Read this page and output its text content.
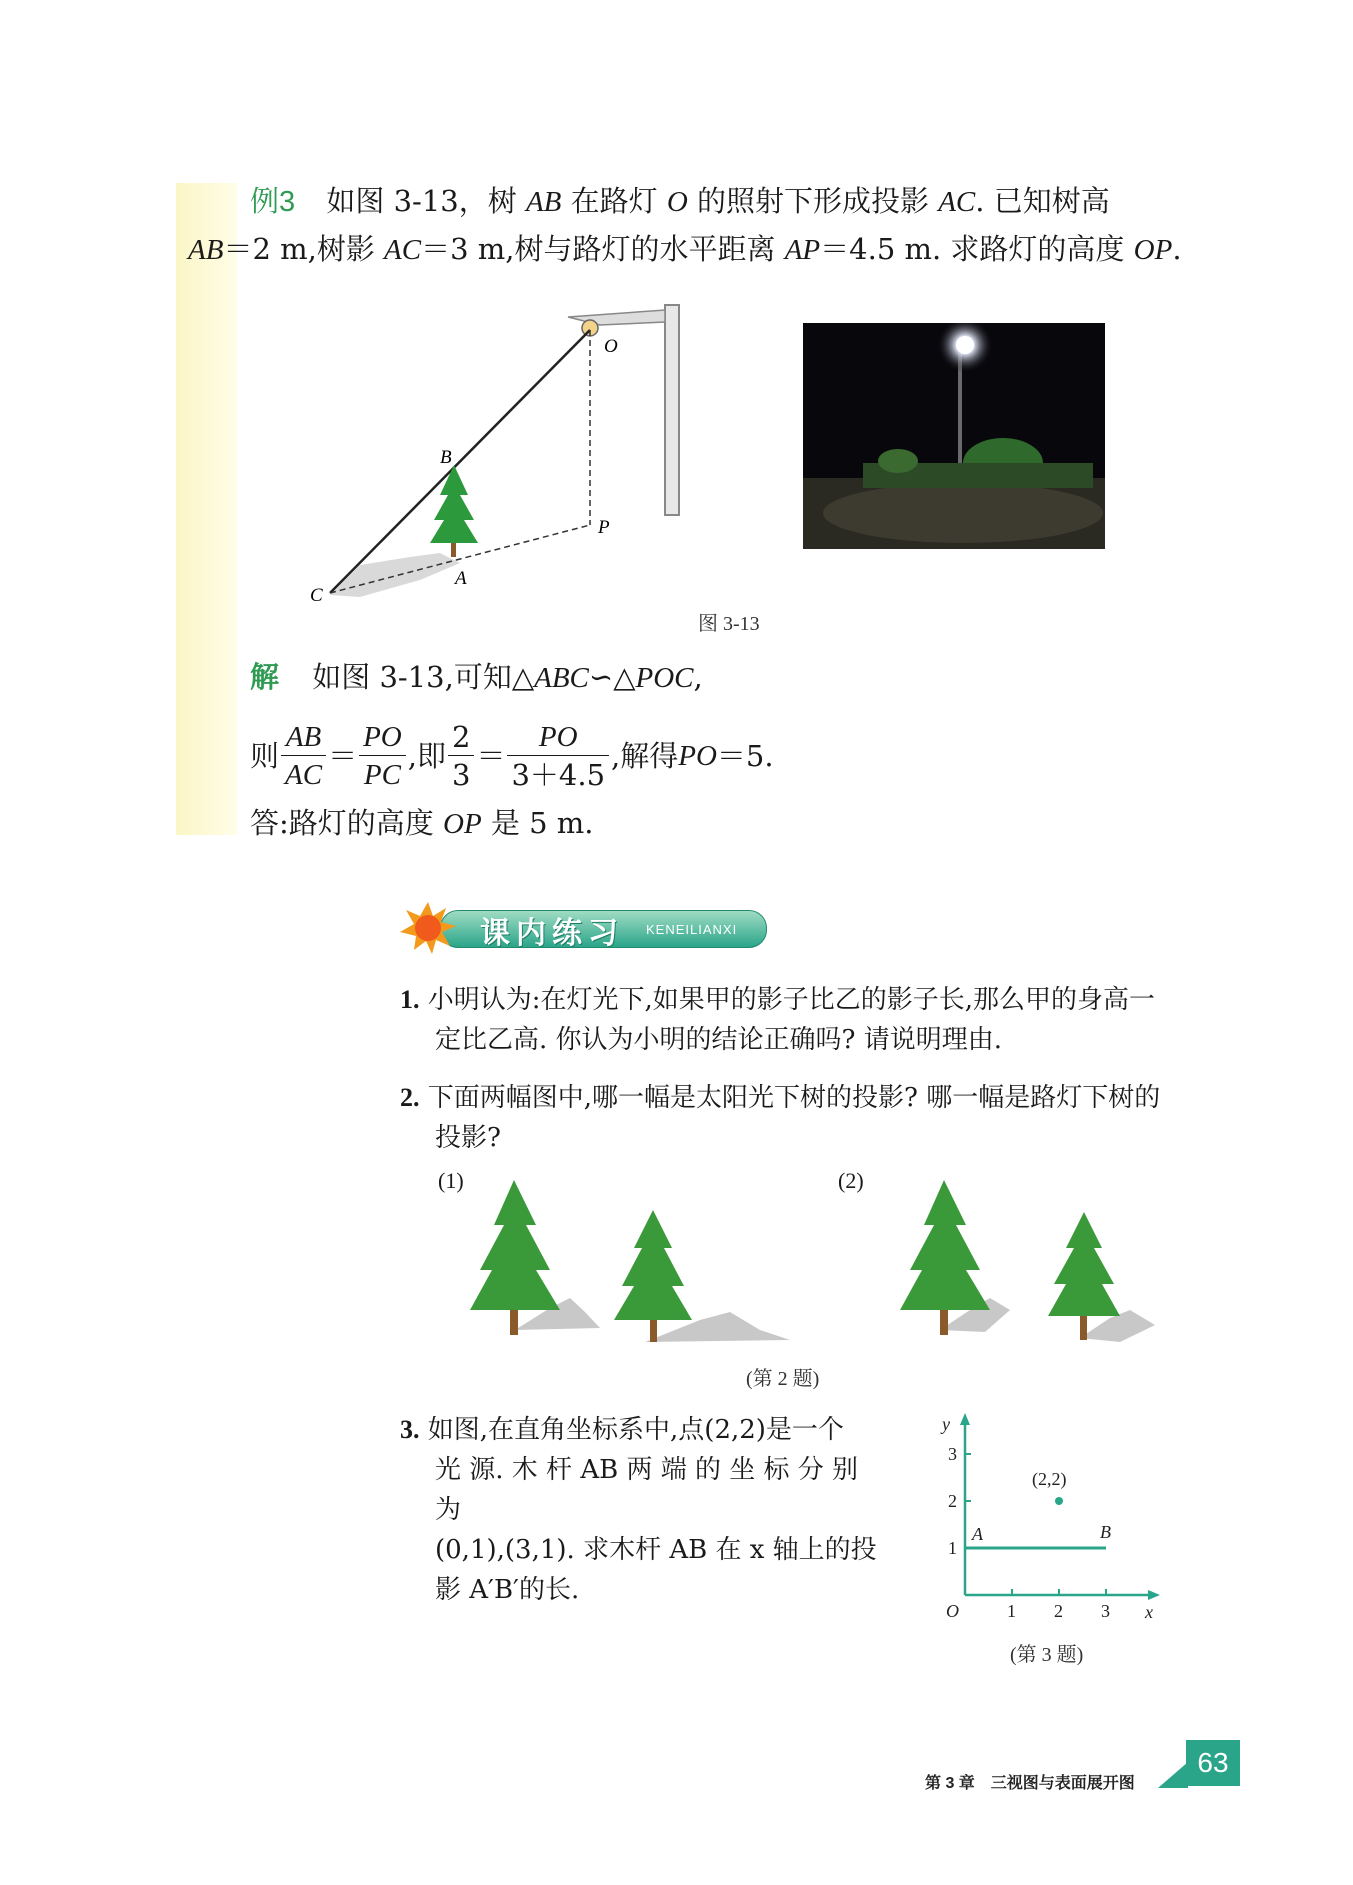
例3 如图 3-13，树 AB 在路灯 O 的照射下形成投影 AC. 已知树高
AB＝2 m,树影 AC＝3 m,树与路灯的水平距离 AP＝4.5 m. 求路灯的高度 OP.
O
B
P
A
C
图 3-13
解 如图 3-13,可知△ABC∽△POC,
则 $\frac{AB}{AC} = \frac{PO}{PC}$ ,即 $\frac{2}{3} = \frac{PO}{3+4.5}$ ,解得 PO ＝5.
答:路灯的高度 OP 是 5 m.
课内练习 KENEILIANXI
1. 小明认为:在灯光下,如果甲的影子比乙的影子长,那么甲的身高一
定比乙高. 你认为小明的结论正确吗? 请说明理由.
2. 下面两幅图中,哪一幅是太阳光下树的投影? 哪一幅是路灯下树的
投影?
(1)	(2)
(第 2 题)
3. 如图,在直角坐标系中,点(2,2)是一个
光 源. 木 杆 AB 两 端 的 坐 标 分 别 为
(0,1),(3,1). 求木杆 AB 在 x 轴上的投
影 A′B′的长.
y
x
O	1 2 3
1
2
3
(2,2)
A	B
(第 3 题)
第 3 章　三视图与表面展开图
63
